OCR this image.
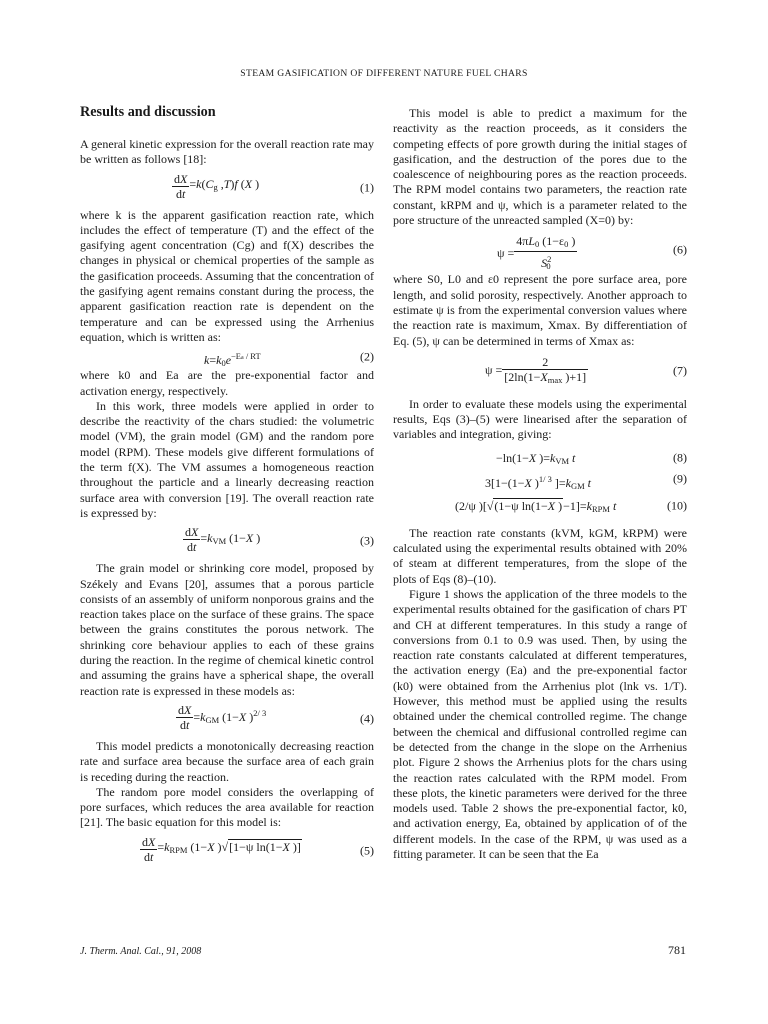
STEAM GASIFICATION OF DIFFERENT NATURE FUEL CHARS
Results and discussion

A general kinetic expression for the overall reaction rate may be written as follows [18]:

$\frac{dX}{dt} =k(C_g$ ,T)f (X )	(1)

where k is the apparent gasification reaction rate, which includes the effect of temperature (T) and the effect of the gasifying agent concentration (Cg) and f(X) describes the changes in physical or chemical properties of the sample as the gasification proceeds. Assuming that the concentration of the gasifying agent remains constant during the process, the apparent gasification reaction rate is dependent on the temperature and can be expressed using the Arrhenius equation, which is written as:

$k=k_0e^{-Ea / RT}$	(2)

where k0 and Ea are the pre-exponential factor and activation energy, respectively.

In this work, three models were applied in order to describe the reactivity of the chars studied: the volumetric model (VM), the grain model (GM) and the random pore model (RPM). These models give different formulations of the term f(X). The VM assumes a homogeneous reaction throughout the particle and a linearly decreasing reaction surface area with conversion [19]. The overall reaction rate is expressed by:

$\frac{dX}{dt} =k_{VM}$ (1−X )	(3)

The grain model or shrinking core model, proposed by Székely and Evans [20], assumes that a porous particle consists of an assembly of uniform nonporous grains and the reaction takes place on the surface of these grains. The space between the grains constitutes the porous network. The shrinking core behaviour applies to each of these grains during the reaction. In the regime of chemical kinetic control and assuming the grains have a spherical shape, the overall reaction rate is expressed in these models as:

$\frac{dX}{dt} =k_{GM}$ (1−X )$^{2/ 3}$	(4)

This model predicts a monotonically decreasing reaction rate and surface area because the surface area of each grain is receding during the reaction.

The random pore model considers the overlapping of pore surfaces, which reduces the area available for reaction [21]. The basic equation for this model is:

$\frac{dX}{dt} =k_{RPM}$ (1−X )√[1−ψ ln(1−X )]	(5)

This model is able to predict a maximum for the reactivity as the reaction proceeds, as it considers the competing effects of pore growth during the initial stages of gasification, and the destruction of the pores due to the coalescence of neighbouring pores as the reaction proceeds. The RPM model contains two parameters, the reaction rate constant, kRPM and ψ, which is a parameter related to the pore structure of the unreacted sampled (X=0) by:

$\psi = \frac{4\pi L_0 (1-\varepsilon_0 )}{S^2_0}$	(6)

where S0, L0 and ε0 represent the pore surface area, pore length, and solid porosity, respectively. Another approach to estimate ψ is from the experimental conversion values where the reaction rate is maximum, Xmax. By differentiation of Eq. (5), ψ can be determined in terms of Xmax as:

$\psi = \frac{2}{[2\ln(1-X_{max} )+1]}$	(7)

In order to evaluate these models using the experimental results, Eqs (3)–(5) were linearised after the separation of variables and integration, giving:

−ln(1−X )$=k_{VM}$ t	(8)
3[1−(1−X )$^{1/ 3}$ ]$=k_{GM}$ t	(9)
(2/ψ )[√(1−ψ ln(1−X )$-1]=k_{RPM}$ t	(10)

The reaction rate constants (kVM, kGM, kRPM) were calculated using the experimental results obtained with 20% of steam at different temperatures, from the slope of the plots of Eqs (8)–(10).

Figure 1 shows the application of the three models to the experimental results obtained for the gasification of chars PT and CH at different temperatures. In this study a range of conversions from 0.1 to 0.9 was used. Then, by using the reaction rate constants calculated at different temperatures, the activation energy (Ea) and the pre-exponential factor (k0) were obtained from the Arrhenius plot (lnk vs. 1/T). However, this method must be applied using the results obtained under the chemical controlled regime. The change between the chemical and diffusional controlled regime can be detected from the change in the slope on the Arrhenius plot. Figure 2 shows the Arrhenius plots for the chars using the reaction rates calculated with the RPM model. From these plots, the kinetic parameters were derived for the three models used. Table 2 shows the pre-exponential factor, k0, and activation energy, Ea, obtained by application of of the different models. In the case of the RPM, ψ was used as a fitting parameter. It can be seen that the Ea

J. Therm. Anal. Cal., 91, 2008	781
